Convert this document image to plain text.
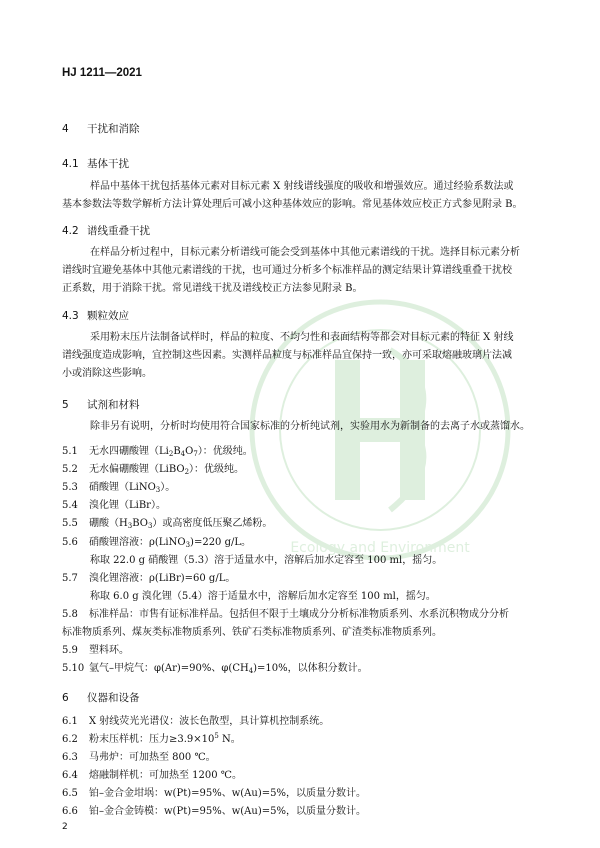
Ecology and Environment
HJ 1211—2021
4 干扰和消除
4.1 基体干扰
样品中基体干扰包括基体元素对目标元素 X 射线谱线强度的吸收和增强效应。通过经验系数法或
基本参数法等数学解析方法计算处理后可减小这种基体效应的影响。常见基体效应校正方式参见附录 B。
4.2 谱线重叠干扰
在样品分析过程中，目标元素分析谱线可能会受到基体中其他元素谱线的干扰。选择目标元素分析
谱线时宜避免基体中其他元素谱线的干扰，也可通过分析多个标准样品的测定结果计算谱线重叠干扰校
正系数，用于消除干扰。常见谱线干扰及谱线校正方法参见附录 B。
4.3 颗粒效应
采用粉末压片法制备试样时，样品的粒度、不均匀性和表面结构等都会对目标元素的特征 X 射线
谱线强度造成影响，宜控制这些因素。实测样品粒度与标准样品宜保持一致，亦可采取熔融玻璃片法减
小或消除这些影响。
5 试剂和材料
除非另有说明，分析时均使用符合国家标准的分析纯试剂，实验用水为新制备的去离子水或蒸馏水。
5.1 无水四硼酸锂$(Li_2B_4O_7)$：优级纯。
5.2 无水偏硼酸锂（LiBO$_2$）：优级纯。
5.3 硝酸锂（LiNO$_3$）。
5.4 溴化锂（LiBr）。
5.5 硼酸$(H_3BO_3)$或高密度低压聚乙烯粉。
5.6 硝酸锂溶液：ρ(LiNO$_3$)=220 g/L。
称取 22.0 g 硝酸锂（5.3）溶于适量水中，溶解后加水定容至 100 ml，摇匀。
5.7 溴化锂溶液：ρ(LiBr)=60 g/L。
称取 6.0 g 溴化锂（5.4）溶于适量水中，溶解后加水定容至 100 ml，摇匀。
5.8 标准样品：市售有证标准样品。包括但不限于土壤成分分析标准物质系列、水系沉积物成分分析
标准物质系列、煤灰类标准物质系列、铁矿石类标准物质系列、矿渣类标准物质系列。
5.9 塑料环。
5.10 氩气–甲烷气：φ(Ar)=90%、$\varphi(CH_4)=10\%$，以体积分数计。
6 仪器和设备
6.1 X 射线荧光光谱仪：波长色散型，具计算机控制系统。
6.2 粉末压样机：压力$\ge 3.9\times 10^5$ N。
6.3 马弗炉：可加热至 800 ℃。
6.4 熔融制样机：可加热至 1200 ℃。
6.5 铂–金合金坩埚：w(Pt)=95%、w(Au)=5%，以质量分数计。
6.6 铂–金合金铸模：w(Pt)=95%、w(Au)=5%，以质量分数计。
2
